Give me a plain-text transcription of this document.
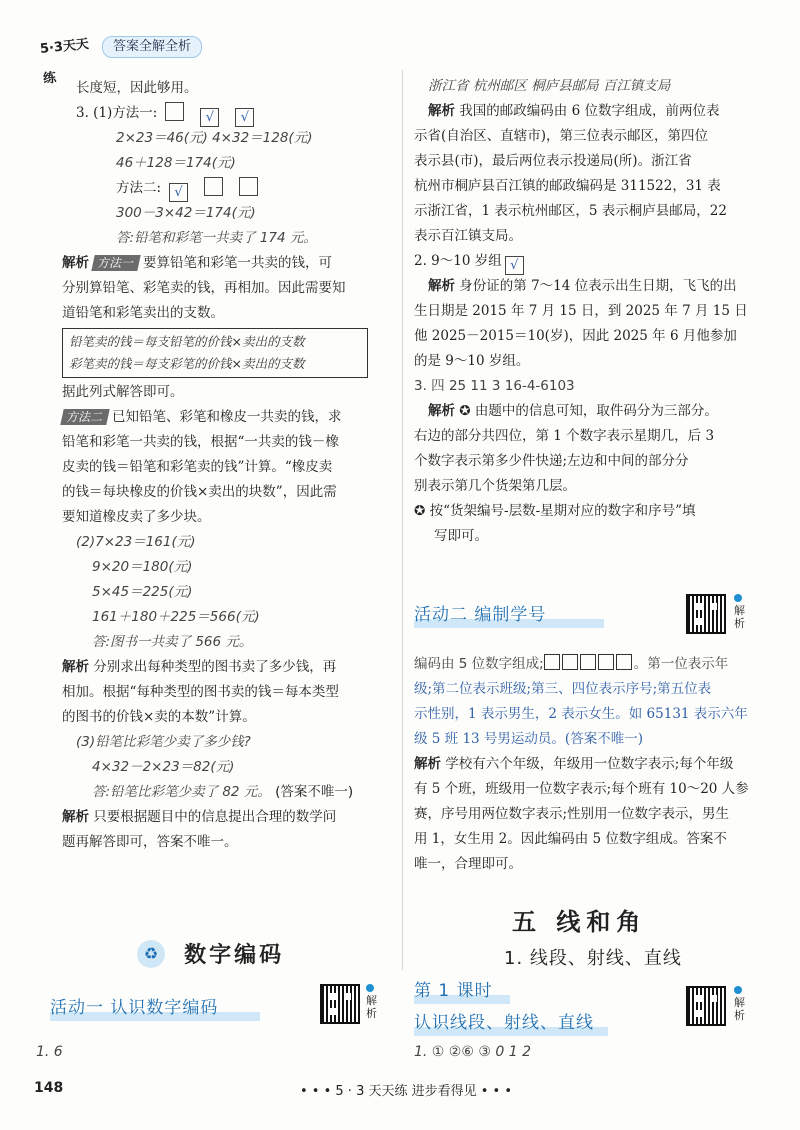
5·3天天练
答案全解全析
长度短，因此够用。
3. (1)方法一:	√ √
2×23＝46(元) 4×32＝128(元)
46＋128＝174(元)
方法二: √
300－3×42＝174(元)
答:铅笔和彩笔一共卖了 174 元。
解析 方法一 要算铅笔和彩笔一共卖的钱，可
分别算铅笔、彩笔卖的钱，再相加。因此需要知
道铅笔和彩笔卖出的支数。
铅笔卖的钱＝每支铅笔的价钱×卖出的支数
彩笔卖的钱＝每支彩笔的价钱×卖出的支数
据此列式解答即可。
方法二 已知铅笔、彩笔和橡皮一共卖的钱，求
铅笔和彩笔一共卖的钱，根据“一共卖的钱－橡
皮卖的钱＝铅笔和彩笔卖的钱”计算。“橡皮卖
的钱＝每块橡皮的价钱×卖出的块数”，因此需
要知道橡皮卖了多少块。
(2)7×23＝161(元)
9×20＝180(元)
5×45＝225(元)
161＋180＋225＝566(元)
答:图书一共卖了 566 元。
解析 分别求出每种类型的图书卖了多少钱，再
相加。根据“每种类型的图书卖的钱＝每本类型
的图书的价钱×卖的本数”计算。
(3)铅笔比彩笔少卖了多少钱?
4×32－2×23＝82(元)
答:铅笔比彩笔少卖了 82 元。 (答案不唯一)
解析 只要根据题目中的信息提出合理的数学问
题再解答即可，答案不唯一。
♻ 数字编码
活动一 认识数字编码	解析
1. 6
浙江省 杭州邮区 桐庐县邮局 百江镇支局
解析 我国的邮政编码由 6 位数字组成，前两位表
示省(自治区、直辖市)，第三位表示邮区，第四位
表示县(市)，最后两位表示投递局(所)。浙江省
杭州市桐庐县百江镇的邮政编码是 311522，31 表
示浙江省，1 表示杭州邮区，5 表示桐庐县邮局，22
表示百江镇支局。
2. 9～10 岁组 √
解析 身份证的第 7～14 位表示出生日期，飞飞的出
生日期是 2015 年 7 月 15 日，到 2025 年 7 月 15 日
他 2025－2015＝10(岁)，因此 2025 年 6 月他参加
的是 9～10 岁组。
3. 四 25 11 3 16-4-6103
解析 ✪ 由题中的信息可知，取件码分为三部分。
右边的部分共四位，第 1 个数字表示星期几，后 3
个数字表示第多少件快递;左边和中间的部分分
别表示第几个货架第几层。
✪ 按“货架编号-层数-星期对应的数字和序号”填
写即可。
活动二 编制学号	解析
编码由 5 位数字组成;	。第一位表示年
级;第二位表示班级;第三、四位表示序号;第五位表
示性别，1 表示男生，2 表示女生。如 65131 表示六年
级 5 班 13 号男运动员。(答案不唯一)
解析 学校有六个年级，年级用一位数字表示;每个年级
有 5 个班，班级用一位数字表示;每个班有 10～20 人参
赛，序号用两位数字表示;性别用一位数字表示，男生
用 1，女生用 2。因此编码由 5 位数字组成。答案不
唯一，合理即可。
五 线和角
1. 线段、射线、直线
第 1 课时
认识线段、射线、直线
解析
1. ① ②⑥ ③ 0 1 2
148	• • • 5 · 3 天天练 进步看得见 • • •
